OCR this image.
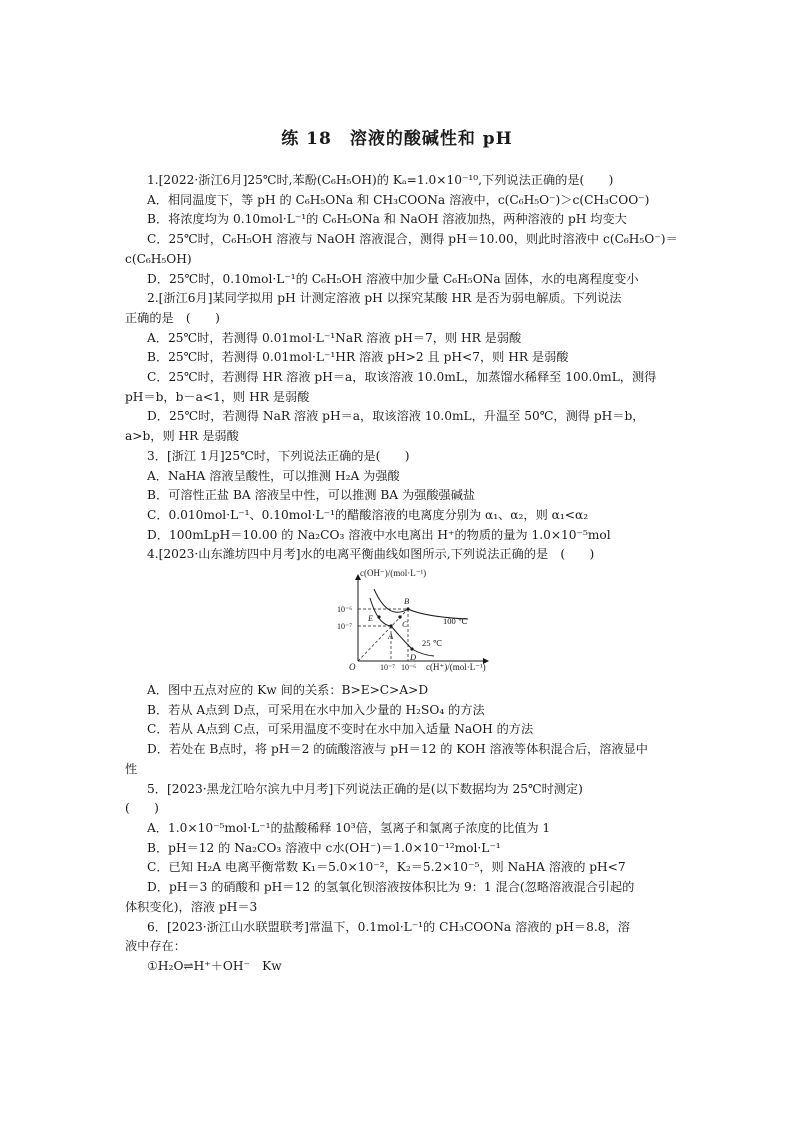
练 18　溶液的酸碱性和 pH

1.[2022·浙江6月]25℃时,苯酚(C₆H₅OH)的 Kₐ=1.0×10⁻¹⁰,下列说法正确的是(　　)

A．相同温度下，等 pH 的 C₆H₅ONa 和 CH₃COONa 溶液中，c(C₆H₅O⁻)＞c(CH₃COO⁻)

B．将浓度均为 0.10mol·L⁻¹的 C₆H₅ONa 和 NaOH 溶液加热，两种溶液的 pH 均变大

C．25℃时，C₆H₅OH 溶液与 NaOH 溶液混合，测得 pH＝10.00，则此时溶液中 c(C₆H₅O⁻)＝

c(C₆H₅OH)

D．25℃时，0.10mol·L⁻¹的 C₆H₅OH 溶液中加少量 C₆H₅ONa 固体，水的电离程度变小

2.[浙江6月]某同学拟用 pH 计测定溶液 pH 以探究某酸 HR 是否为弱电解质。下列说法

正确的是　(　　)

A．25℃时，若测得 0.01mol·L⁻¹NaR 溶液 pH＝7，则 HR 是弱酸

B．25℃时，若测得 0.01mol·L⁻¹HR 溶液 pH>2 且 pH<7，则 HR 是弱酸

C．25℃时，若测得 HR 溶液 pH＝a，取该溶液 10.0mL，加蒸馏水稀释至 100.0mL，测得

pH＝b，b－a<1，则 HR 是弱酸

D．25℃时，若测得 NaR 溶液 pH＝a，取该溶液 10.0mL，升温至 50℃，测得 pH＝b，

a>b，则 HR 是弱酸

3．[浙江 1月]25℃时，下列说法正确的是(　　)

A．NaHA 溶液呈酸性，可以推测 H₂A 为强酸

B．可溶性正盐 BA 溶液呈中性，可以推测 BA 为强酸强碱盐

C．0.010mol·L⁻¹、0.10mol·L⁻¹的醋酸溶液的电离度分别为 α₁、α₂，则 α₁<α₂

D．100mLpH＝10.00 的 Na₂CO₃ 溶液中水电离出 H⁺的物质的量为 1.0×10⁻⁵mol

4.[2023·山东潍坊四中月考]水的电离平衡曲线如图所示,下列说法正确的是　(　　)

c(OH⁻)/(mol·L⁻¹)
c(H⁺)/(mol·L⁻¹)
O
10⁻⁶
10⁻⁷
10⁻⁷ 10⁻⁶
100 ℃
25 ℃
A
B
C
D
E

A．图中五点对应的 Kw 间的关系：B>E>C>A>D

B．若从 A点到 D点，可采用在水中加入少量的 H₂SO₄ 的方法

C．若从 A点到 C点，可采用温度不变时在水中加入适量 NaOH 的方法

D．若处在 B点时，将 pH＝2 的硫酸溶液与 pH＝12 的 KOH 溶液等体积混合后，溶液显中

性

5．[2023·黑龙江哈尔滨九中月考]下列说法正确的是(以下数据均为 25℃时测定)

(　　)

A．1.0×10⁻⁵mol·L⁻¹的盐酸稀释 10³倍，氢离子和氯离子浓度的比值为 1

B．pH＝12 的 Na₂CO₃ 溶液中 c水(OH⁻)＝1.0×10⁻¹²mol·L⁻¹

C．已知 H₂A 电离平衡常数 K₁＝5.0×10⁻²，K₂＝5.2×10⁻⁵，则 NaHA 溶液的 pH<7

D．pH＝3 的硝酸和 pH＝12 的氢氧化钡溶液按体积比为 9：1 混合(忽略溶液混合引起的

体积变化)，溶液 pH＝3

6．[2023·浙江山水联盟联考]常温下，0.1mol·L⁻¹的 CH₃COONa 溶液的 pH＝8.8，溶

液中存在：

①H₂O⇌H⁺＋OH⁻　Kw
